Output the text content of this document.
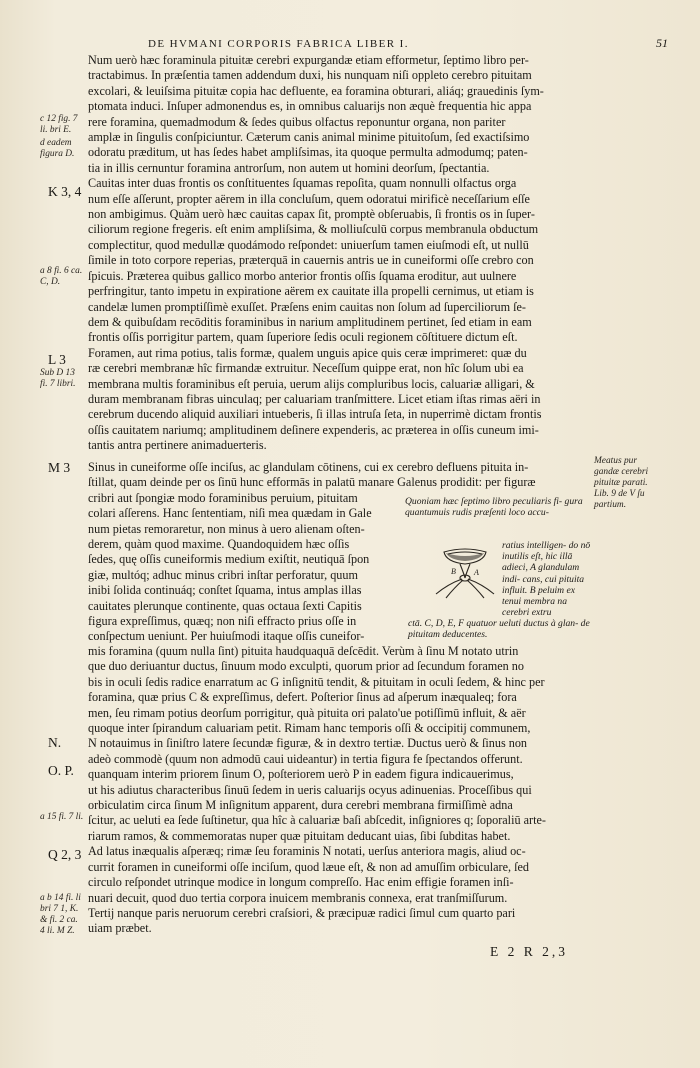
DE HVMANI CORPORIS FABRICA LIBER I.	51
Num uerò hæc foraminula pituitæ cerebri expurgandæ etiam efformetur, ſeptimo libro per-
tractabimus. In præſentia tamen addendum duxi, his nunquam niſi oppleto cerebro pituitam
excolari, & leuiſsima pituitæ copia hac defluente, ea foramina obturari, aliáq; grauedinis ſym-
ptomata induci. Inſuper admonendus es, in omnibus caluarijs non æquè frequentia hic appa
rere foramina, quemadmodum & ſedes quibus olfactus reponuntur organa, non pariter
amplæ in ſingulis conſpiciuntur. Cæterum canis animal minime pituitoſum, ſed exactiſsimo
odoratu præditum, ut has ſedes habet ampliſsimas, ita quoque permulta admodumq; paten-
tia in illis cernuntur foramina antrorſum, non autem ut homini deorſum, ſpectantia.
Cauitas inter duas frontis os conſtituentes ſquamas repoſita, quam nonnulli olfactus orga
num eſſe aſſerunt, propter aërem in illa concluſum, quem odoratui mirificè neceſſarium eſſe
non ambigimus. Quàm uerò hæc cauitas capax ſit, promptè obſeruabis, ſi frontis os in ſuper-
ciliorum regione fregeris. eſt enim ampliſsima, & molliuſculū corpus membranula obductum
complectitur, quod medullæ quodámodo reſpondet: uniuerſum tamen eiuſmodi eſt, ut nullū
ſimile in toto corpore reperias, præterquā in cauernis antris ue in cuneiformi oſſe crebro con
ſpicuis. Præterea quibus gallico morbo anterior frontis oſſis ſquama eroditur, aut uulnere
perfringitur, tanto impetu in expiratione aërem ex cauitate illa propelli cernimus, ut etiam is
candelæ lumen promptiſſimè exuſſet. Præſens enim cauitas non ſolum ad ſuperciliorum ſe-
dem & quibuſdam recōditis foraminibus in narium amplitudinem pertinet, ſed etiam in eam
frontis oſſis porrigitur partem, quam ſuperiore ſedis oculi regionem cōſtituere dictum eſt.
Foramen, aut rima potius, talis formæ, qualem unguis apice quis ceræ imprimeret: quæ du
ræ cerebri membranæ hîc firmandæ extruitur. Neceſſum quippe erat, non hîc ſolum ubi ea
membrana multis foraminibus eſt peruia, uerum alijs compluribus locis, caluariæ alligari, &
duram membranam fibras uinculaq; per caluariam tranſmittere. Licet etiam iſtas rimas aëri in
cerebrum ducendo aliquid auxiliari intueberis, ſi illas intruſa ſeta, in nuperrimè dictam frontis
oſſis cauitatem nariumq; amplitudinem deſinere expenderis, ac præterea in oſſis cuneum imi-
tantis antra pertinere animaduerteris.
Sinus in cuneiforme oſſe inciſus, ac glandulam cōtinens, cui ex cerebro defluens pituita in-
ſtillat, quam deinde per os ſinū hunc efformās in palatū manare Galenus prodidit: per figuræ
cribri aut ſpongiæ modo foraminibus peruium, pituitam
colari aſſerens. Hanc ſententiam, niſi mea quædam in Gale
num pietas remoraretur, non minus à uero alienam oſten-
derem, quàm quod maxime. Quandoquidem hæc oſſis
ſedes, quę oſſis cuneiformis medium exiſtit, neutiquā ſpon
giæ, multóq; adhuc minus cribri inſtar perforatur, quum
inibi ſolida continuáq; conſtet ſquama, intus amplas illas
cauitates plerunque continente, quas octaua ſexti Capitis
figura expreſſimus, quæq; non niſi effracto prius oſſe in
conſpectum ueniunt. Per huiuſmodi itaque oſſis cuneifor-
mis foramina (quum nulla ſint) pituita haudquaquā deſcēdit. Verùm à ſinu M notato utrin
que duo deriuantur ductus, ſinuum modo exculpti, quorum prior ad ſecundum foramen no
bis in oculi ſedis radice enarratum ac G inſignitū tendit, & pituitam in oculi ſedem, & hinc per
foramina, quæ prius C & expreſſimus, defert. Poſterior ſinus ad aſperum inæqualeq; fora
men, ſeu rimam potius deorſum porrigitur, quà pituita ori palato'ue potiſſimū influit, & aër
quoque inter ſpirandum caluariam petit. Rimam hanc temporis oſſi & occipitij communem,
N notauimus in ſiniſtro latere ſecundæ figuræ, & in dextro tertiæ. Ductus uerò & ſinus non
adeò commodè (quum non admodū caui uideantur) in tertia figura fe ſpectandos offerunt.
quanquam interim priorem ſinum O, poſteriorem uerò P in eadem figura indicauerimus,
ut his adiutus characteribus ſinuū ſedem in ueris caluarijs ocyus adinuenias. Proceſſibus qui
orbiculatim circa ſinum M inſignitum apparent, dura cerebri membrana firmiſſimè adna
ſcitur, ac ueluti ea ſede ſuſtinetur, qua hîc à caluariæ baſi abſcedit, inſigniores q; ſoporaliū arte-
riarum ramos, & commemoratas nuper quæ pituitam deducant uias, ſibi ſubditas habet.
Ad latus inæqualis aſperæq; rimæ ſeu foraminis N notati, uerſus anteriora magis, aliud oc-
currit foramen in cuneiformi oſſe inciſum, quod læue eſt, & non ad amuſſim orbiculare, ſed
circulo reſpondet utrinque modice in longum compreſſo. Hac enim effigie foramen inſi-
nuari decuit, quod duo tertia corpora inuicem membranis connexa, erat tranſmiſſurum.
Tertij nanque paris neruorum cerebri craſsiori, & præcipuæ radici ſimul cum quarto pari
uiam præbet.
c 12 fig. 7 li. bri E.
d eadem figura D.
K 3, 4
a 8 fi. 6 ca. C, D.
L 3
Sub D 13 fi. 7 libri.
M 3
N.
O. P.
a 15 fi. 7 li.
Q 2, 3
a b 14 fi. li bri 7 1, K. & fi. 2 ca. 4 li. M Z.
Meatus pur gandæ cerebri pituitæ parati. Lib. 9 de V ſu partium.
Quoniam hæc ſeptimo libro peculiaris fi- gura quantumuis rudis præſenti loco accu-
B A
ratius intelligen- do nō inutilis eſt, hic illā adieci, A glandulam indi- cans, cui pituita influit. B peluim ex tenui membra na cerebri extru
ctā. C, D, E, F quatuor ueluti ductus à glan- de pituitam deducentes.
E 2 R 2,3
